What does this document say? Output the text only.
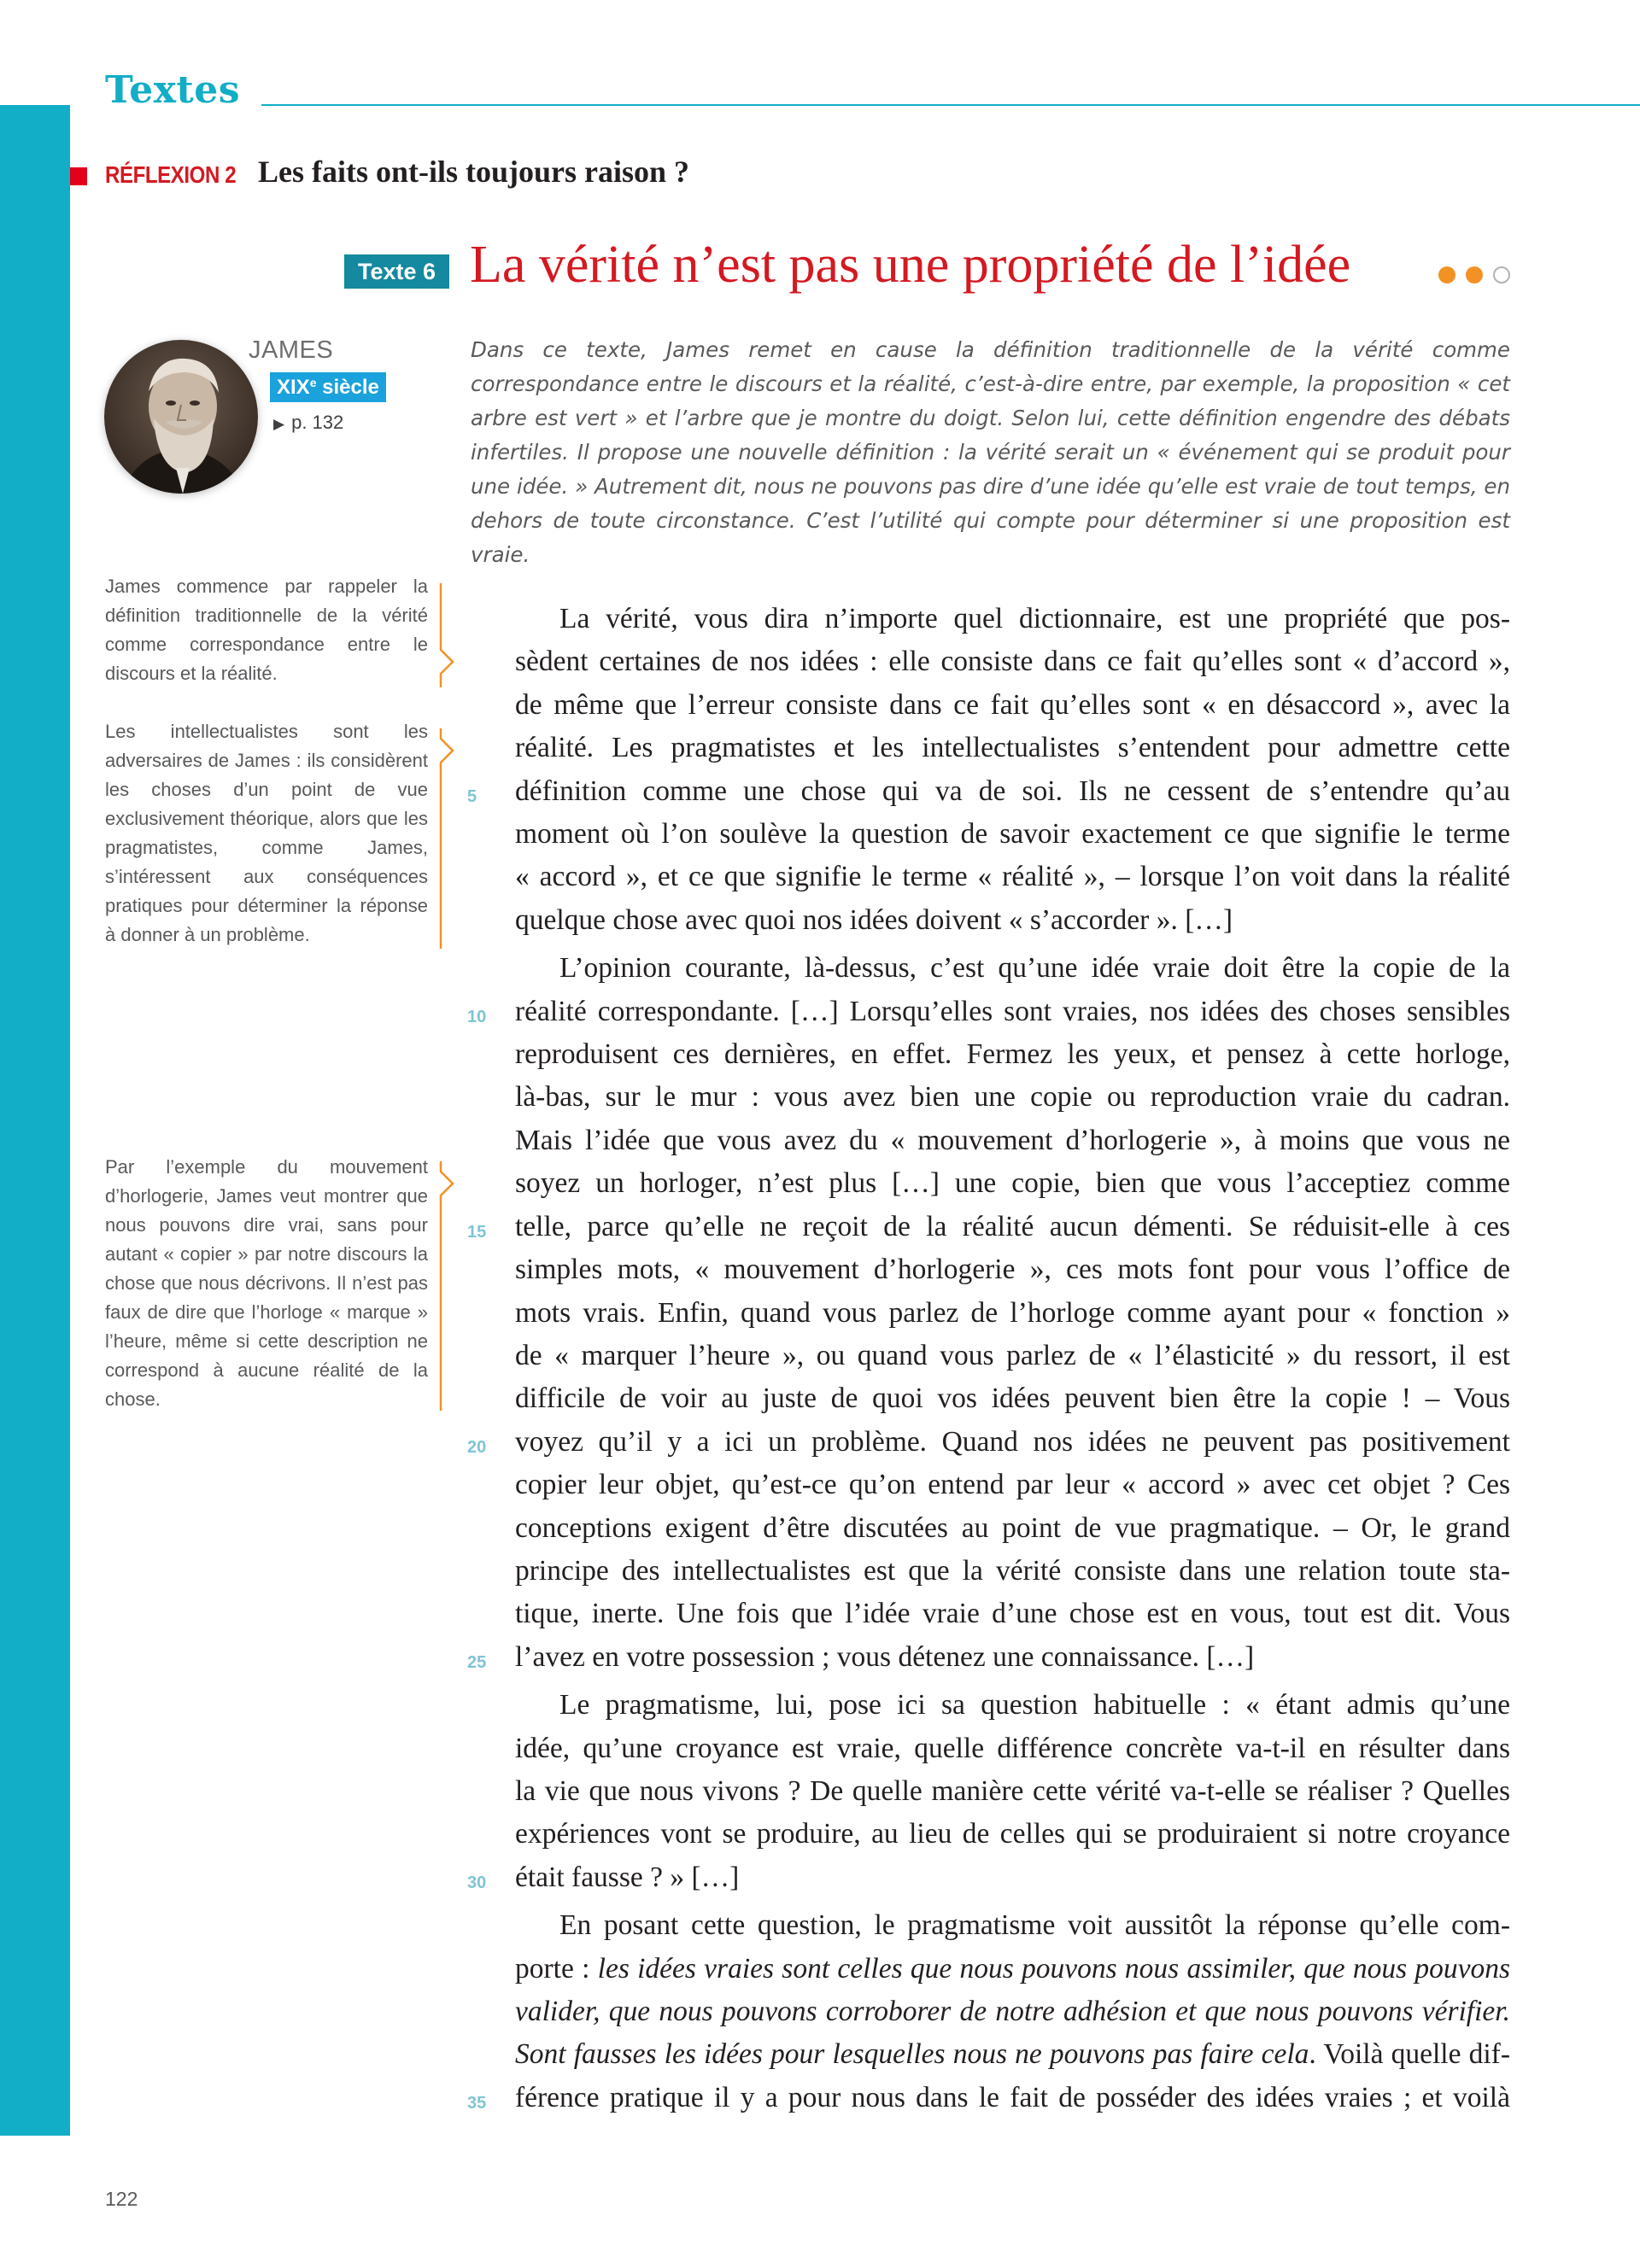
Textes
RÉFLEXION 2 Les faits ont-ils toujours raison ?
Texte 6 La vérité n’est pas une propriété de l’idée
JAMES
XIXe siècle
▶ p. 132
Dans ce texte, James remet en cause la définition traditionnelle de la vérité comme correspondance entre le discours et la réalité, c’est-à-dire entre, par exemple, la proposition « cet arbre est vert » et l’arbre que je montre du doigt. Selon lui, cette définition engendre des débats infertiles. Il propose une nouvelle définition : la vérité serait un « événement qui se produit pour une idée. » Autrement dit, nous ne pouvons pas dire d’une idée qu’elle est vraie de tout temps, en dehors de toute circonstance. C’est l’utilité qui compte pour déterminer si une proposition est vraie.
James commence par rappeler la définition traditionnelle de la vérité comme correspondance entre le discours et la réalité.
Les intellectualistes sont les adversaires de James : ils considèrent les choses d’un point de vue exclusivement théorique, alors que les pragmatistes, comme James, s’intéressent aux conséquences pratiques pour déterminer la réponse à donner à un problème.
Par l’exemple du mouvement d’horlogerie, James veut montrer que nous pouvons dire vrai, sans pour autant « copier » par notre discours la chose que nous décrivons. Il n’est pas faux de dire que l’horloge « marque » l’heure, même si cette description ne correspond à aucune réalité de la chose.
La vérité, vous dira n’importe quel dictionnaire, est une propriété que pos-
sèdent certaines de nos idées : elle consiste dans ce fait qu’elles sont « d’accord »,
de même que l’erreur consiste dans ce fait qu’elles sont « en désaccord », avec la
réalité. Les pragmatistes et les intellectualistes s’entendent pour admettre cette
5	définition comme une chose qui va de soi. Ils ne cessent de s’entendre qu’au
moment où l’on soulève la question de savoir exactement ce que signifie le terme
« accord », et ce que signifie le terme « réalité », – lorsque l’on voit dans la réalité
quelque chose avec quoi nos idées doivent « s’accorder ». […]
L’opinion courante, là-dessus, c’est qu’une idée vraie doit être la copie de la
10	réalité correspondante. […] Lorsqu’elles sont vraies, nos idées des choses sensibles
reproduisent ces dernières, en effet. Fermez les yeux, et pensez à cette horloge,
là-bas, sur le mur : vous avez bien une copie ou reproduction vraie du cadran.
Mais l’idée que vous avez du « mouvement d’horlogerie », à moins que vous ne
soyez un horloger, n’est plus […] une copie, bien que vous l’acceptiez comme
15	telle, parce qu’elle ne reçoit de la réalité aucun démenti. Se réduisit-elle à ces
simples mots, « mouvement d’horlogerie », ces mots font pour vous l’office de
mots vrais. Enfin, quand vous parlez de l’horloge comme ayant pour « fonction »
de « marquer l’heure », ou quand vous parlez de « l’élasticité » du ressort, il est
difficile de voir au juste de quoi vos idées peuvent bien être la copie ! – Vous
20	voyez qu’il y a ici un problème. Quand nos idées ne peuvent pas positivement
copier leur objet, qu’est-ce qu’on entend par leur « accord » avec cet objet ? Ces
conceptions exigent d’être discutées au point de vue pragmatique. – Or, le grand
principe des intellectualistes est que la vérité consiste dans une relation toute sta-
tique, inerte. Une fois que l’idée vraie d’une chose est en vous, tout est dit. Vous
25	l’avez en votre possession ; vous détenez une connaissance. […]
Le pragmatisme, lui, pose ici sa question habituelle : « étant admis qu’une
idée, qu’une croyance est vraie, quelle différence concrète va-t-il en résulter dans
la vie que nous vivons ? De quelle manière cette vérité va-t-elle se réaliser ? Quelles
expériences vont se produire, au lieu de celles qui se produiraient si notre croyance
30	était fausse ? » […]
En posant cette question, le pragmatisme voit aussitôt la réponse qu’elle com-
porte : les idées vraies sont celles que nous pouvons nous assimiler, que nous pouvons
valider, que nous pouvons corroborer de notre adhésion et que nous pouvons vérifier.
Sont fausses les idées pour lesquelles nous ne pouvons pas faire cela. Voilà quelle dif-
35	férence pratique il y a pour nous dans le fait de posséder des idées vraies ; et voilà
122
